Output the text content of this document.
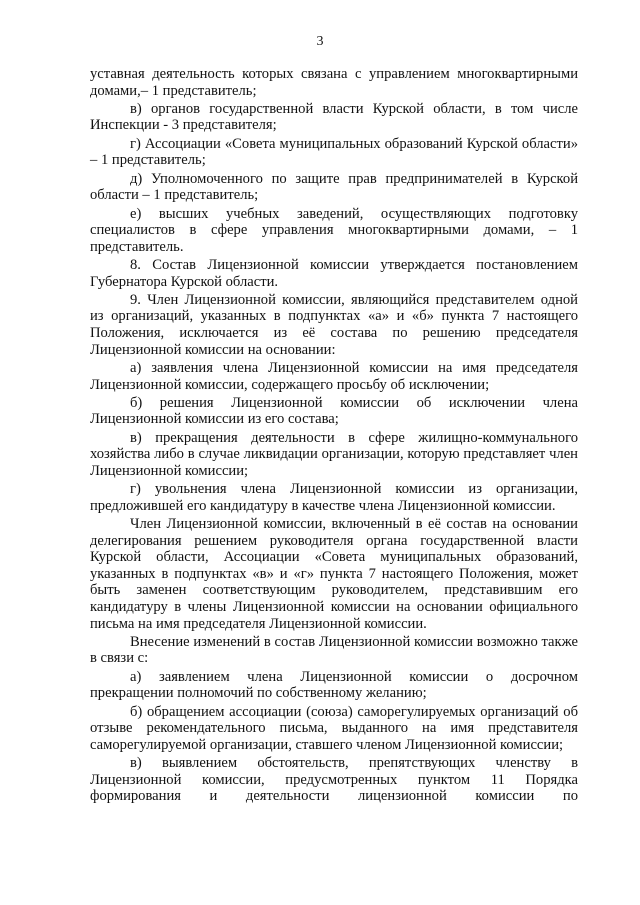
3

уставная деятельность которых связана с управлением многоквартирными домами,– 1 представитель;

в) органов государственной власти Курской области, в том числе Инспекции - 3 представителя;

г) Ассоциации «Совета муниципальных образований Курской области» – 1 представитель;

д) Уполномоченного по защите прав предпринимателей в Курской области – 1 представитель;

е) высших учебных заведений, осуществляющих подготовку специалистов в сфере управления многоквартирными домами, – 1 представитель.

8. Состав Лицензионной комиссии утверждается постановлением Губернатора Курской области.

9. Член Лицензионной комиссии, являющийся представителем одной из организаций, указанных в подпунктах «а» и «б» пункта 7 настоящего Положения, исключается из её состава по решению председателя Лицензионной комиссии на основании:

а) заявления члена Лицензионной комиссии на имя председателя Лицензионной комиссии, содержащего просьбу об исключении;

б) решения Лицензионной комиссии об исключении члена Лицензионной комиссии из его состава;

в) прекращения деятельности в сфере жилищно-коммунального хозяйства либо в случае ликвидации организации, которую представляет член Лицензионной комиссии;

г) увольнения члена Лицензионной комиссии из организации, предложившей его кандидатуру в качестве члена Лицензионной комиссии.

Член Лицензионной комиссии, включенный в её состав на основании делегирования решением руководителя органа государственной власти Курской области, Ассоциации «Совета муниципальных образований, указанных в подпунктах «в» и «г» пункта 7 настоящего Положения, может быть заменен соответствующим руководителем, представившим его кандидатуру в члены Лицензионной комиссии на основании официального письма на имя председателя Лицензионной комиссии.

Внесение изменений в состав Лицензионной комиссии возможно также в связи с:

а) заявлением члена Лицензионной комиссии о досрочном прекращении полномочий по собственному желанию;

б) обращением ассоциации (союза) саморегулируемых организаций об отзыве рекомендательного письма, выданного на имя представителя саморегулируемой организации, ставшего членом Лицензионной комиссии;

в) выявлением обстоятельств, препятствующих членству в Лицензионной комиссии, предусмотренных пунктом 11 Порядка формирования и деятельности лицензионной комиссии по
